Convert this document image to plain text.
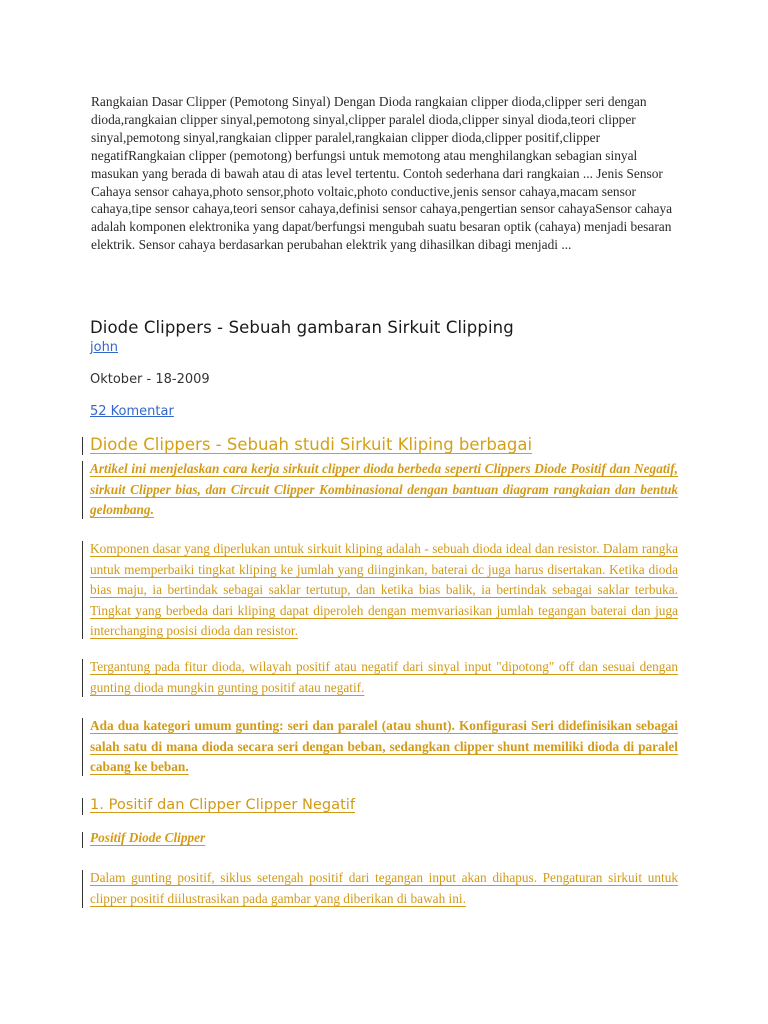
Rangkaian Dasar Clipper (Pemotong Sinyal) Dengan Dioda rangkaian clipper dioda,clipper seri dengan dioda,rangkaian clipper sinyal,pemotong sinyal,clipper paralel dioda,clipper sinyal dioda,teori clipper sinyal,pemotong sinyal,rangkaian clipper paralel,rangkaian clipper dioda,clipper positif,clipper negatifRangkaian clipper (pemotong) berfungsi untuk memotong atau menghilangkan sebagian sinyal masukan yang berada di bawah atau di atas level tertentu. Contoh sederhana dari rangkaian ... Jenis Sensor Cahaya sensor cahaya,photo sensor,photo voltaic,photo conductive,jenis sensor cahaya,macam sensor cahaya,tipe sensor cahaya,teori sensor cahaya,definisi sensor cahaya,pengertian sensor cahayaSensor cahaya adalah komponen elektronika yang dapat/berfungsi mengubah suatu besaran optik (cahaya) menjadi besaran elektrik. Sensor cahaya berdasarkan perubahan elektrik yang dihasilkan dibagi menjadi ...
Diode Clippers - Sebuah gambaran Sirkuit Clipping
john
Oktober - 18-2009
52 Komentar
Diode Clippers - Sebuah studi Sirkuit Kliping berbagai
Artikel ini menjelaskan cara kerja sirkuit clipper dioda berbeda seperti Clippers Diode Positif dan Negatif, sirkuit Clipper bias, dan Circuit Clipper Kombinasional dengan bantuan diagram rangkaian dan bentuk gelombang.
Komponen dasar yang diperlukan untuk sirkuit kliping adalah - sebuah dioda ideal dan resistor. Dalam rangka untuk memperbaiki tingkat kliping ke jumlah yang diinginkan, baterai dc juga harus disertakan. Ketika dioda bias maju, ia bertindak sebagai saklar tertutup, dan ketika bias balik, ia bertindak sebagai saklar terbuka. Tingkat yang berbeda dari kliping dapat diperoleh dengan memvariasikan jumlah tegangan baterai dan juga interchanging posisi dioda dan resistor.
Tergantung pada fitur dioda, wilayah positif atau negatif dari sinyal input "dipotong" off dan sesuai dengan gunting dioda mungkin gunting positif atau negatif.
Ada dua kategori umum gunting: seri dan paralel (atau shunt). Konfigurasi Seri didefinisikan sebagai salah satu di mana dioda secara seri dengan beban, sedangkan clipper shunt memiliki dioda di paralel cabang ke beban.
1. Positif dan Clipper Clipper Negatif
Positif Diode Clipper
Dalam gunting positif, siklus setengah positif dari tegangan input akan dihapus. Pengaturan sirkuit untuk clipper positif diilustrasikan pada gambar yang diberikan di bawah ini.
